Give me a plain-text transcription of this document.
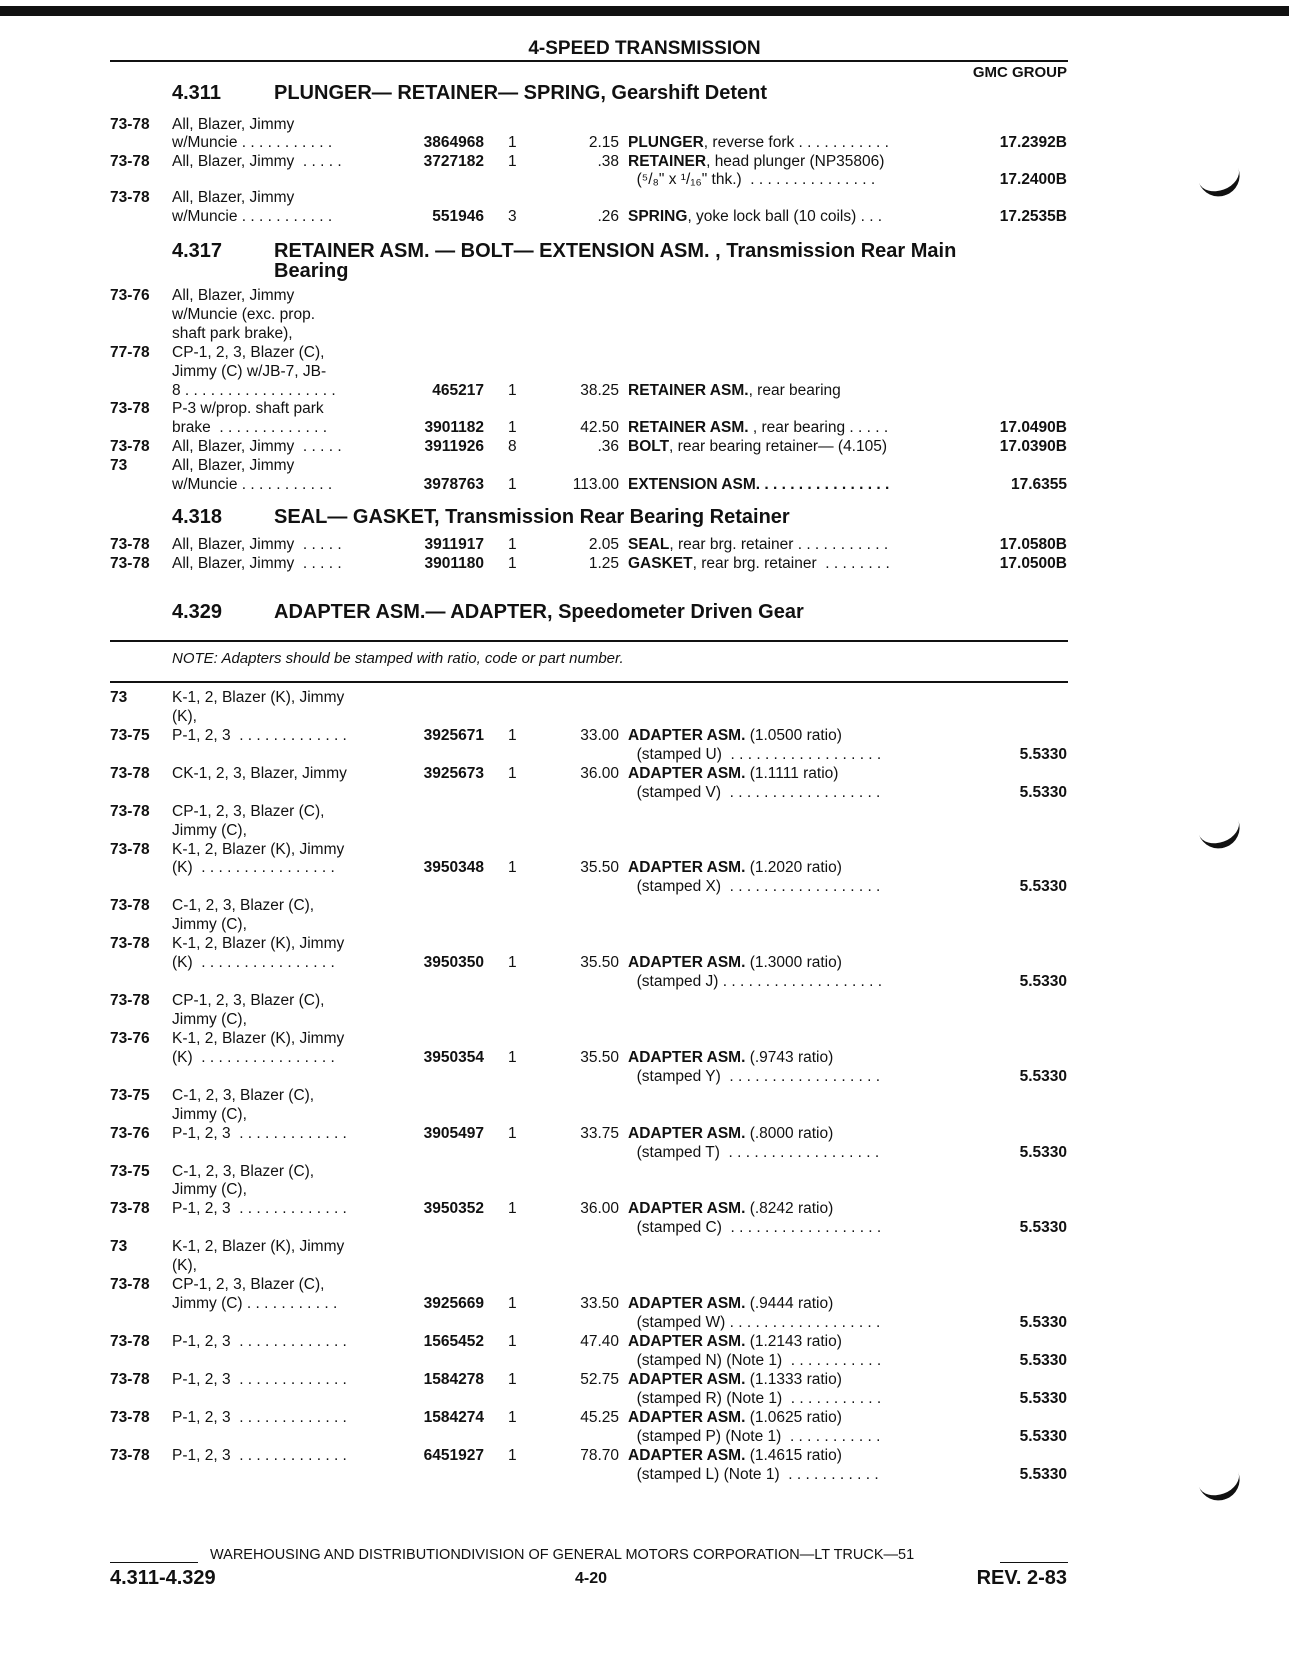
4-SPEED TRANSMISSION
GMC GROUP
4.311	PLUNGER— RETAINER— SPRING, Gearshift Detent
73-78 All, Blazer, Jimmy
w/Muncie . . . . . . . . . . .	3864968 1	2.15 PLUNGER, reverse fork . . . . . . . . . . .	17.2392B
73-78 All, Blazer, Jimmy  . . . . .	3727182 1	.38 RETAINER, head plunger (NP35806)
(⁵/₈" x ¹/₁₆" thk.)  . . . . . . . . . . . . . . .	17.2400B
73-78 All, Blazer, Jimmy
w/Muncie . . . . . . . . . . .	551946 3	.26 SPRING, yoke lock ball (10 coils) . . .	17.2535B
4.317	RETAINER ASM. — BOLT— EXTENSION ASM. , Transmission Rear Main
Bearing
73-76 All, Blazer, Jimmy
w/Muncie (exc. prop.
shaft park brake),
77-78 CP-1, 2, 3, Blazer (C),
Jimmy (C) w/JB-7, JB-
8 . . . . . . . . . . . . . . . . . .	465217 1	38.25 RETAINER ASM., rear bearing
73-78 P-3 w/prop. shaft park
brake  . . . . . . . . . . . . .	3901182 1	42.50 RETAINER ASM. , rear bearing . . . . .	17.0490B
73-78 All, Blazer, Jimmy  . . . . .	3911926 8	.36 BOLT, rear bearing retainer— (4.105)	17.0390B
73	All, Blazer, Jimmy
w/Muncie . . . . . . . . . . .	3978763 1	113.00 EXTENSION ASM. . . . . . . . . . . . . . . .	17.6355
4.318	SEAL— GASKET, Transmission Rear Bearing Retainer
73-78 All, Blazer, Jimmy  . . . . .	3911917 1	2.05 SEAL, rear brg. retainer . . . . . . . . . . .	17.0580B
73-78 All, Blazer, Jimmy  . . . . .	3901180 1	1.25 GASKET, rear brg. retainer  . . . . . . . .	17.0500B
4.329	ADAPTER ASM.— ADAPTER, Speedometer Driven Gear
NOTE: Adapters should be stamped with ratio, code or part number.
73	K-1, 2, Blazer (K), Jimmy
(K),
73-75 P-1, 2, 3  . . . . . . . . . . . . .	3925671 1	33.00 ADAPTER ASM. (1.0500 ratio)
(stamped U)  . . . . . . . . . . . . . . . . . .	5.5330
73-78 CK-1, 2, 3, Blazer, Jimmy	3925673 1	36.00 ADAPTER ASM. (1.1111 ratio)
(stamped V)  . . . . . . . . . . . . . . . . . .	5.5330
73-78 CP-1, 2, 3, Blazer (C),
Jimmy (C),
73-78 K-1, 2, Blazer (K), Jimmy
(K)  . . . . . . . . . . . . . . . .	3950348 1	35.50 ADAPTER ASM. (1.2020 ratio)
(stamped X)  . . . . . . . . . . . . . . . . . .	5.5330
73-78 C-1, 2, 3, Blazer (C),
Jimmy (C),
73-78 K-1, 2, Blazer (K), Jimmy
(K)  . . . . . . . . . . . . . . . .	3950350 1	35.50 ADAPTER ASM. (1.3000 ratio)
(stamped J) . . . . . . . . . . . . . . . . . . .	5.5330
73-78 CP-1, 2, 3, Blazer (C),
Jimmy (C),
73-76 K-1, 2, Blazer (K), Jimmy
(K)  . . . . . . . . . . . . . . . .	3950354 1	35.50 ADAPTER ASM. (.9743 ratio)
(stamped Y)  . . . . . . . . . . . . . . . . . .	5.5330
73-75 C-1, 2, 3, Blazer (C),
Jimmy (C),
73-76 P-1, 2, 3  . . . . . . . . . . . . .	3905497 1	33.75 ADAPTER ASM. (.8000 ratio)
(stamped T)  . . . . . . . . . . . . . . . . . .	5.5330
73-75 C-1, 2, 3, Blazer (C),
Jimmy (C),
73-78 P-1, 2, 3  . . . . . . . . . . . . .	3950352 1	36.00 ADAPTER ASM. (.8242 ratio)
(stamped C)  . . . . . . . . . . . . . . . . . .	5.5330
73	K-1, 2, Blazer (K), Jimmy
(K),
73-78 CP-1, 2, 3, Blazer (C),
Jimmy (C) . . . . . . . . . . .	3925669 1	33.50 ADAPTER ASM. (.9444 ratio)
(stamped W) . . . . . . . . . . . . . . . . . .	5.5330
73-78 P-1, 2, 3  . . . . . . . . . . . . .	1565452 1	47.40 ADAPTER ASM. (1.2143 ratio)
(stamped N) (Note 1)  . . . . . . . . . . .	5.5330
73-78 P-1, 2, 3  . . . . . . . . . . . . .	1584278 1	52.75 ADAPTER ASM. (1.1333 ratio)
(stamped R) (Note 1)  . . . . . . . . . . .	5.5330
73-78 P-1, 2, 3  . . . . . . . . . . . . .	1584274 1	45.25 ADAPTER ASM. (1.0625 ratio)
(stamped P) (Note 1)  . . . . . . . . . . .	5.5330
73-78 P-1, 2, 3  . . . . . . . . . . . . .	6451927 1	78.70 ADAPTER ASM. (1.4615 ratio)
(stamped L) (Note 1)  . . . . . . . . . . .	5.5330
WAREHOUSING AND DISTRIBUTIONDIVISION OF GENERAL MOTORS CORPORATION—LT TRUCK—51
4.311-4.329	4-20	REV. 2-83
